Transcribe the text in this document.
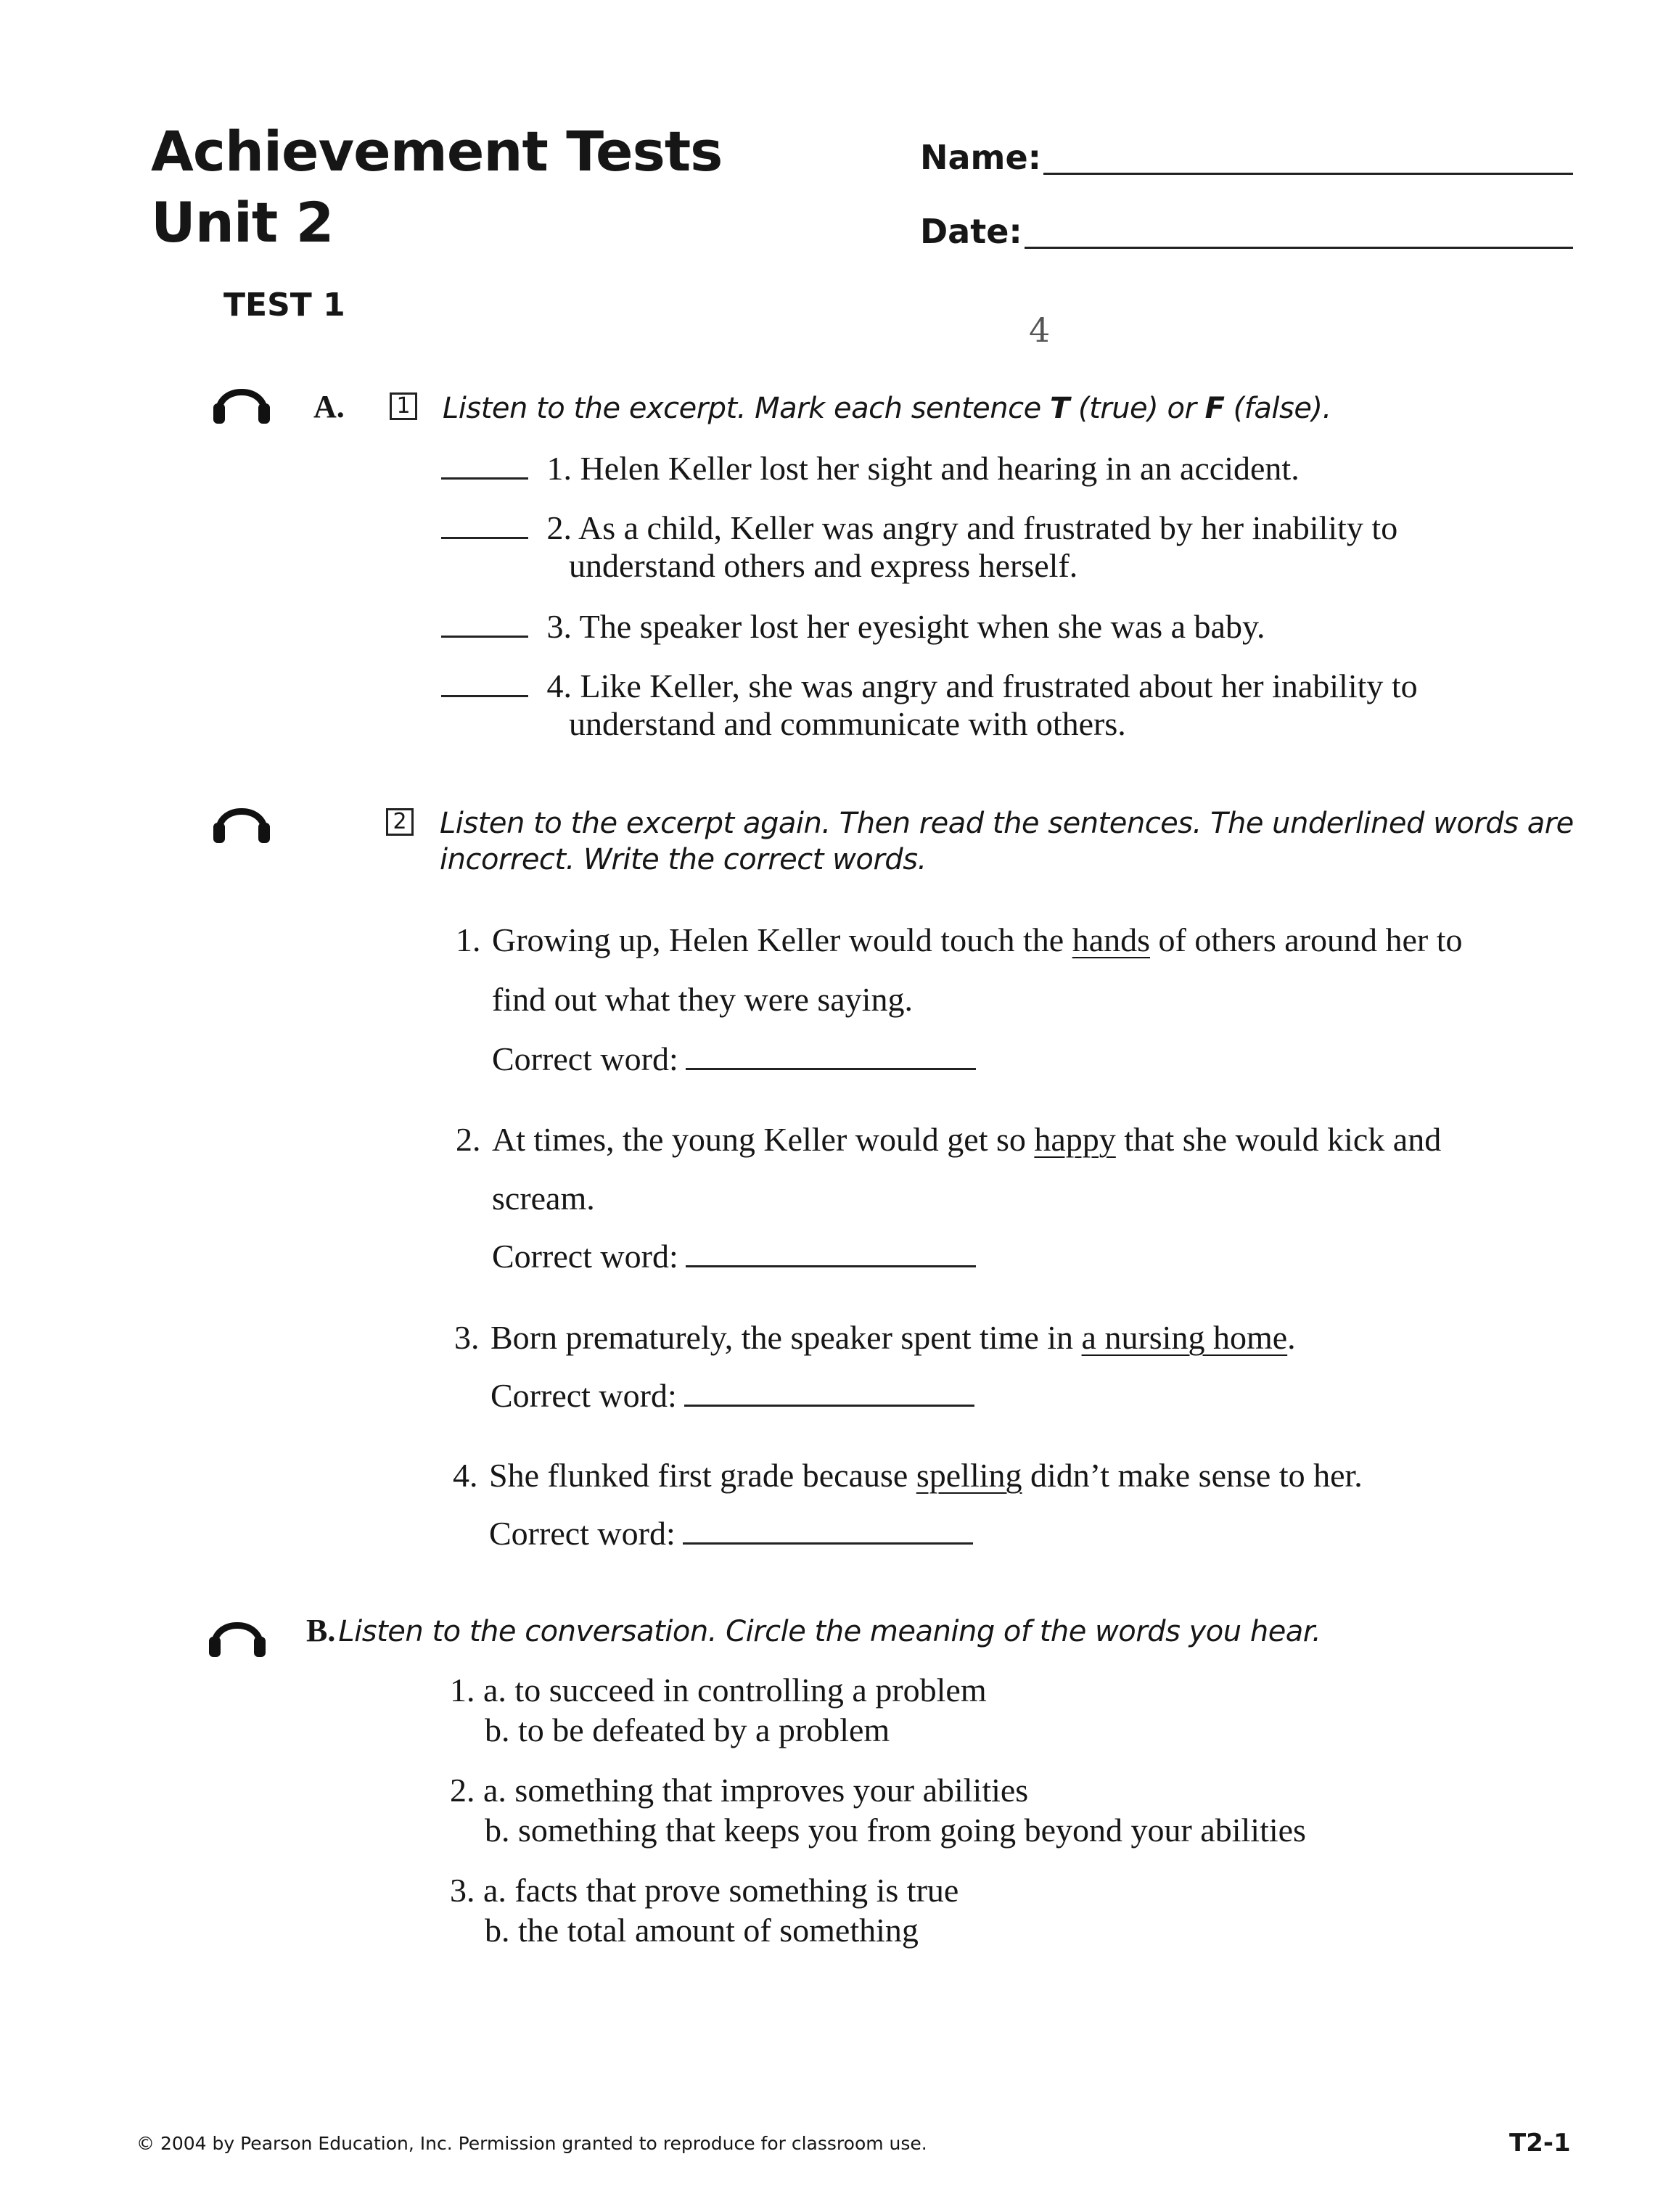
Achievement Tests
Unit 2
Name:
Date:
TEST 1
4
A.	1 Listen to the excerpt. Mark each sentence T (true) or F (false).
1. Helen Keller lost her sight and hearing in an accident.
2. As a child, Keller was angry and frustrated by her inability to
understand others and express herself.
3. The speaker lost her eyesight when she was a baby.
4. Like Keller, she was angry and frustrated about her inability to
understand and communicate with others.
2 Listen to the excerpt again. Then read the sentences. The underlined words are
incorrect. Write the correct words.
1. Growing up, Helen Keller would touch the hands of others around her to
find out what they were saying.
Correct word:
2. At times, the young Keller would get so happy that she would kick and
scream.
Correct word:
3. Born prematurely, the speaker spent time in a nursing home.
Correct word:
4. She flunked first grade because spelling didn’t make sense to her.
Correct word:
B. Listen to the conversation. Circle the meaning of the words you hear.
1. a. to succeed in controlling a problem
b. to be defeated by a problem
2. a. something that improves your abilities
b. something that keeps you from going beyond your abilities
3. a. facts that prove something is true
b. the total amount of something
© 2004 by Pearson Education, Inc. Permission granted to reproduce for classroom use.	T2-1
